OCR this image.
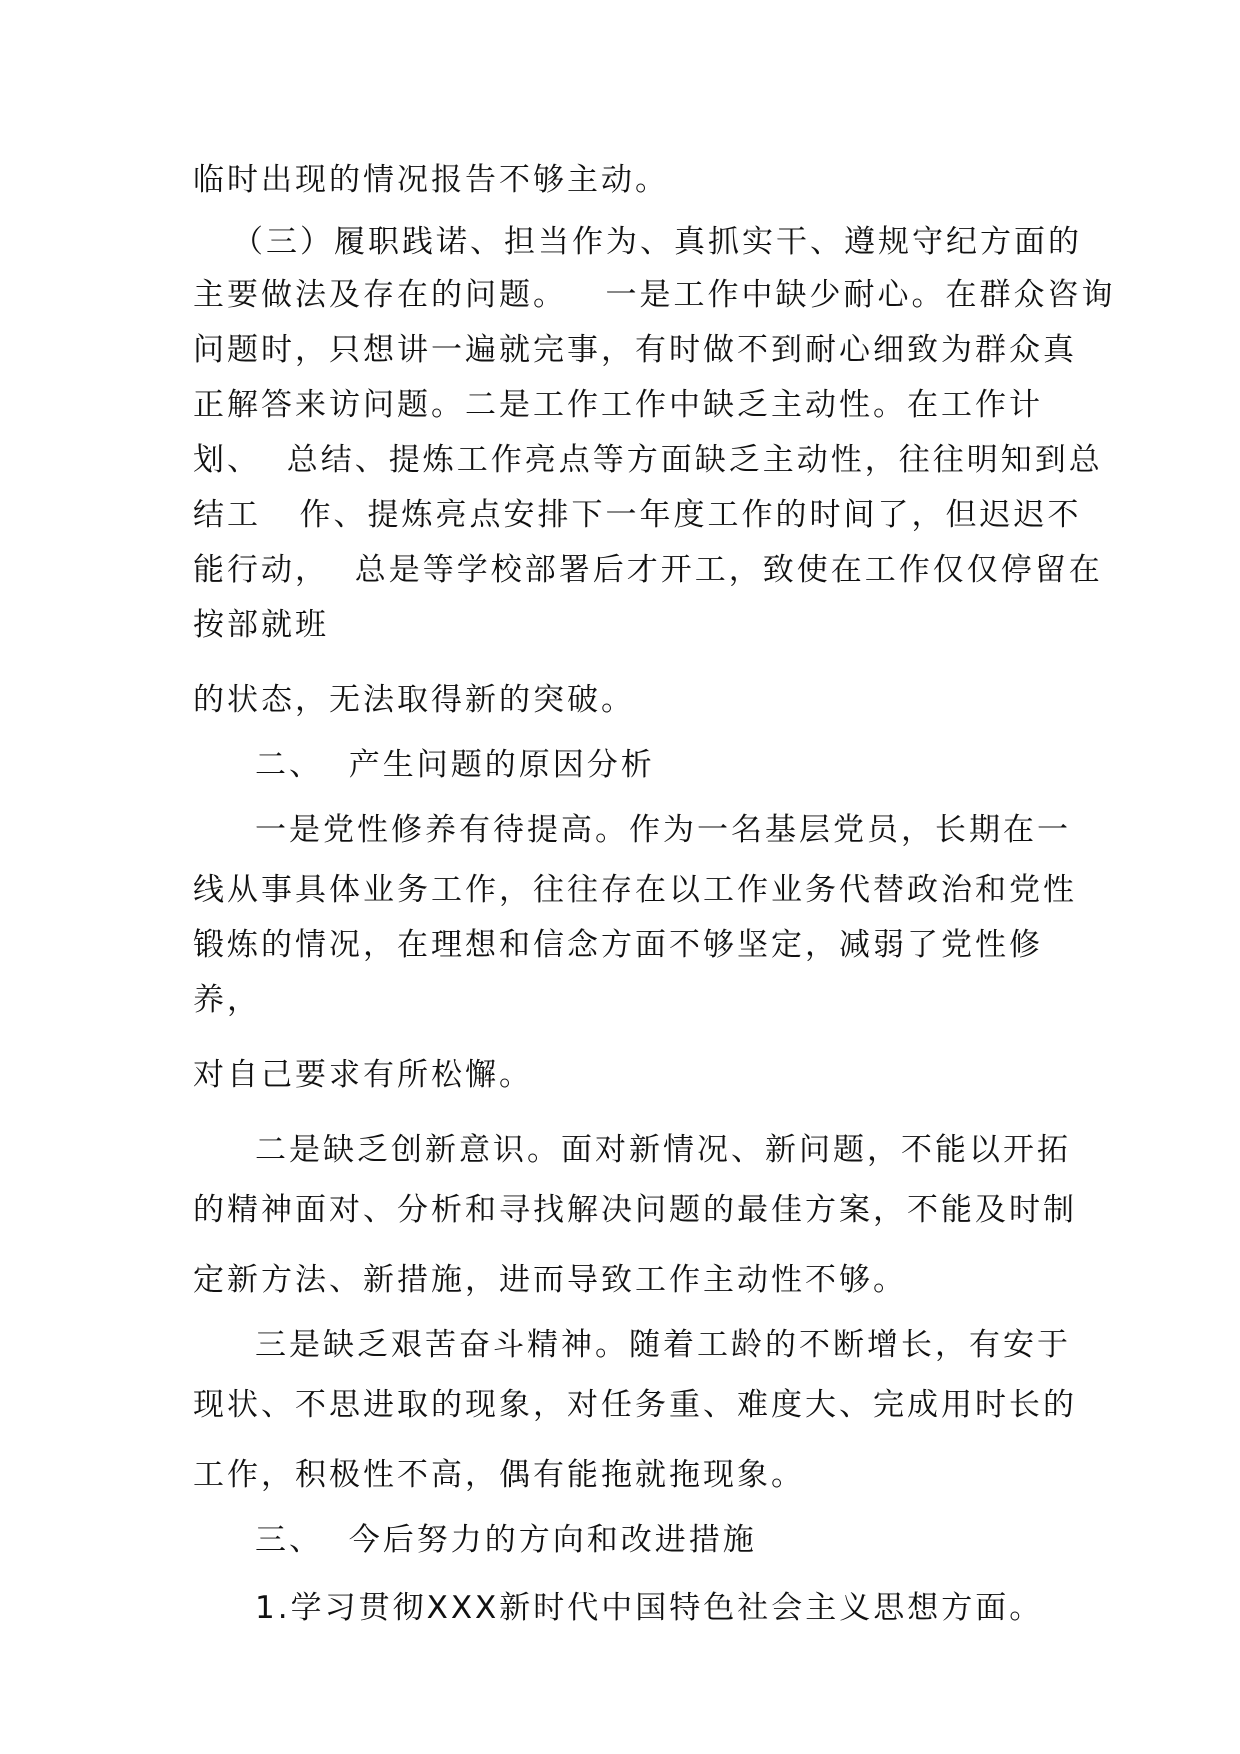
临时出现的情况报告不够主动。
（三）履职践诺、担当作为、真抓实干、遵规守纪方面的
主要做法及存在的问题。   一是工作中缺少耐心。在群众咨询
问题时，只想讲一遍就完事，有时做不到耐心细致为群众真
正解答来访问题。二是工作工作中缺乏主动性。在工作计
划、  总结、提炼工作亮点等方面缺乏主动性，往往明知到总
结工   作、提炼亮点安排下一年度工作的时间了，但迟迟不
能行动，  总是等学校部署后才开工，致使在工作仅仅停留在
按部就班
的状态，无法取得新的突破。
二、  产生问题的原因分析
一是党性修养有待提高。作为一名基层党员，长期在一
线从事具体业务工作，往往存在以工作业务代替政治和党性
锻炼的情况，在理想和信念方面不够坚定，减弱了党性修
养，
对自己要求有所松懈。
二是缺乏创新意识。面对新情况、新问题，不能以开拓
的精神面对、分析和寻找解决问题的最佳方案，不能及时制
定新方法、新措施，进而导致工作主动性不够。
三是缺乏艰苦奋斗精神。随着工龄的不断增长，有安于
现状、不思进取的现象，对任务重、难度大、完成用时长的
工作，积极性不高，偶有能拖就拖现象。
三、  今后努力的方向和改进措施
1.学习贯彻XXX新时代中国特色社会主义思想方面。
